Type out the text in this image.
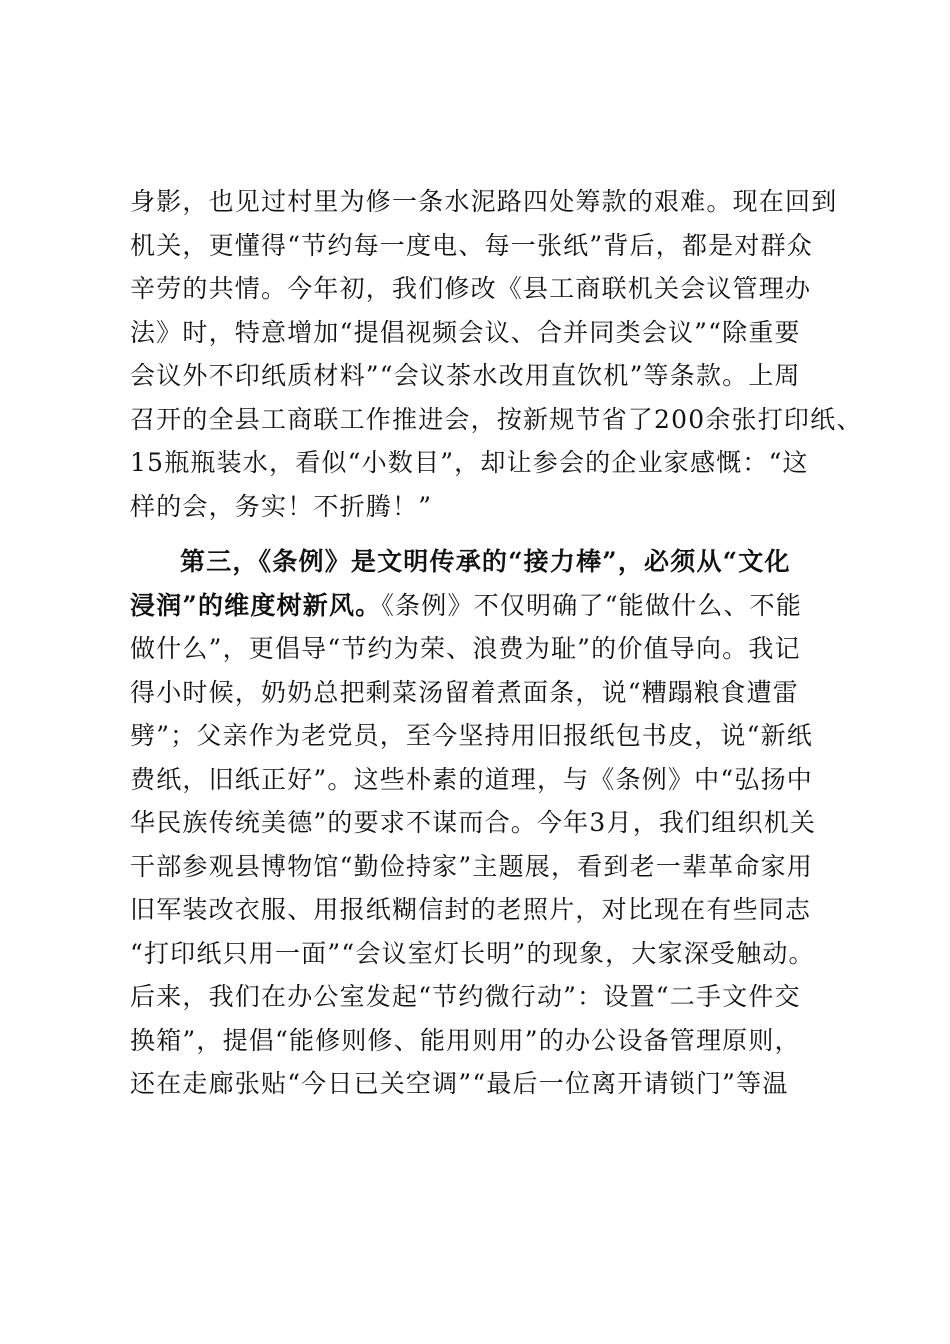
身影，也见过村里为修一条水泥路四处筹款的艰难。现在回到
机关，更懂得“节约每一度电、每一张纸”背后，都是对群众
辛劳的共情。今年初，我们修改《县工商联机关会议管理办
法》时，特意增加“提倡视频会议、合并同类会议”“除重要
会议外不印纸质材料”“会议茶水改用直饮机”等条款。上周
召开的全县工商联工作推进会，按新规节省了200余张打印纸、
15瓶瓶装水，看似“小数目”，却让参会的企业家感慨：“这
样的会，务实！不折腾！”
第三，《条例》是文明传承的“接力棒”，必须从“文化
浸润”的维度树新风。《条例》不仅明确了“能做什么、不能
做什么”，更倡导“节约为荣、浪费为耻”的价值导向。我记
得小时候，奶奶总把剩菜汤留着煮面条，说“糟蹋粮食遭雷
劈”；父亲作为老党员，至今坚持用旧报纸包书皮，说“新纸
费纸，旧纸正好”。这些朴素的道理，与《条例》中“弘扬中
华民族传统美德”的要求不谋而合。今年3月，我们组织机关
干部参观县博物馆“勤俭持家”主题展，看到老一辈革命家用
旧军装改衣服、用报纸糊信封的老照片，对比现在有些同志
“打印纸只用一面”“会议室灯长明”的现象，大家深受触动。
后来，我们在办公室发起“节约微行动”：设置“二手文件交
换箱”，提倡“能修则修、能用则用”的办公设备管理原则，
还在走廊张贴“今日已关空调”“最后一位离开请锁门”等温
